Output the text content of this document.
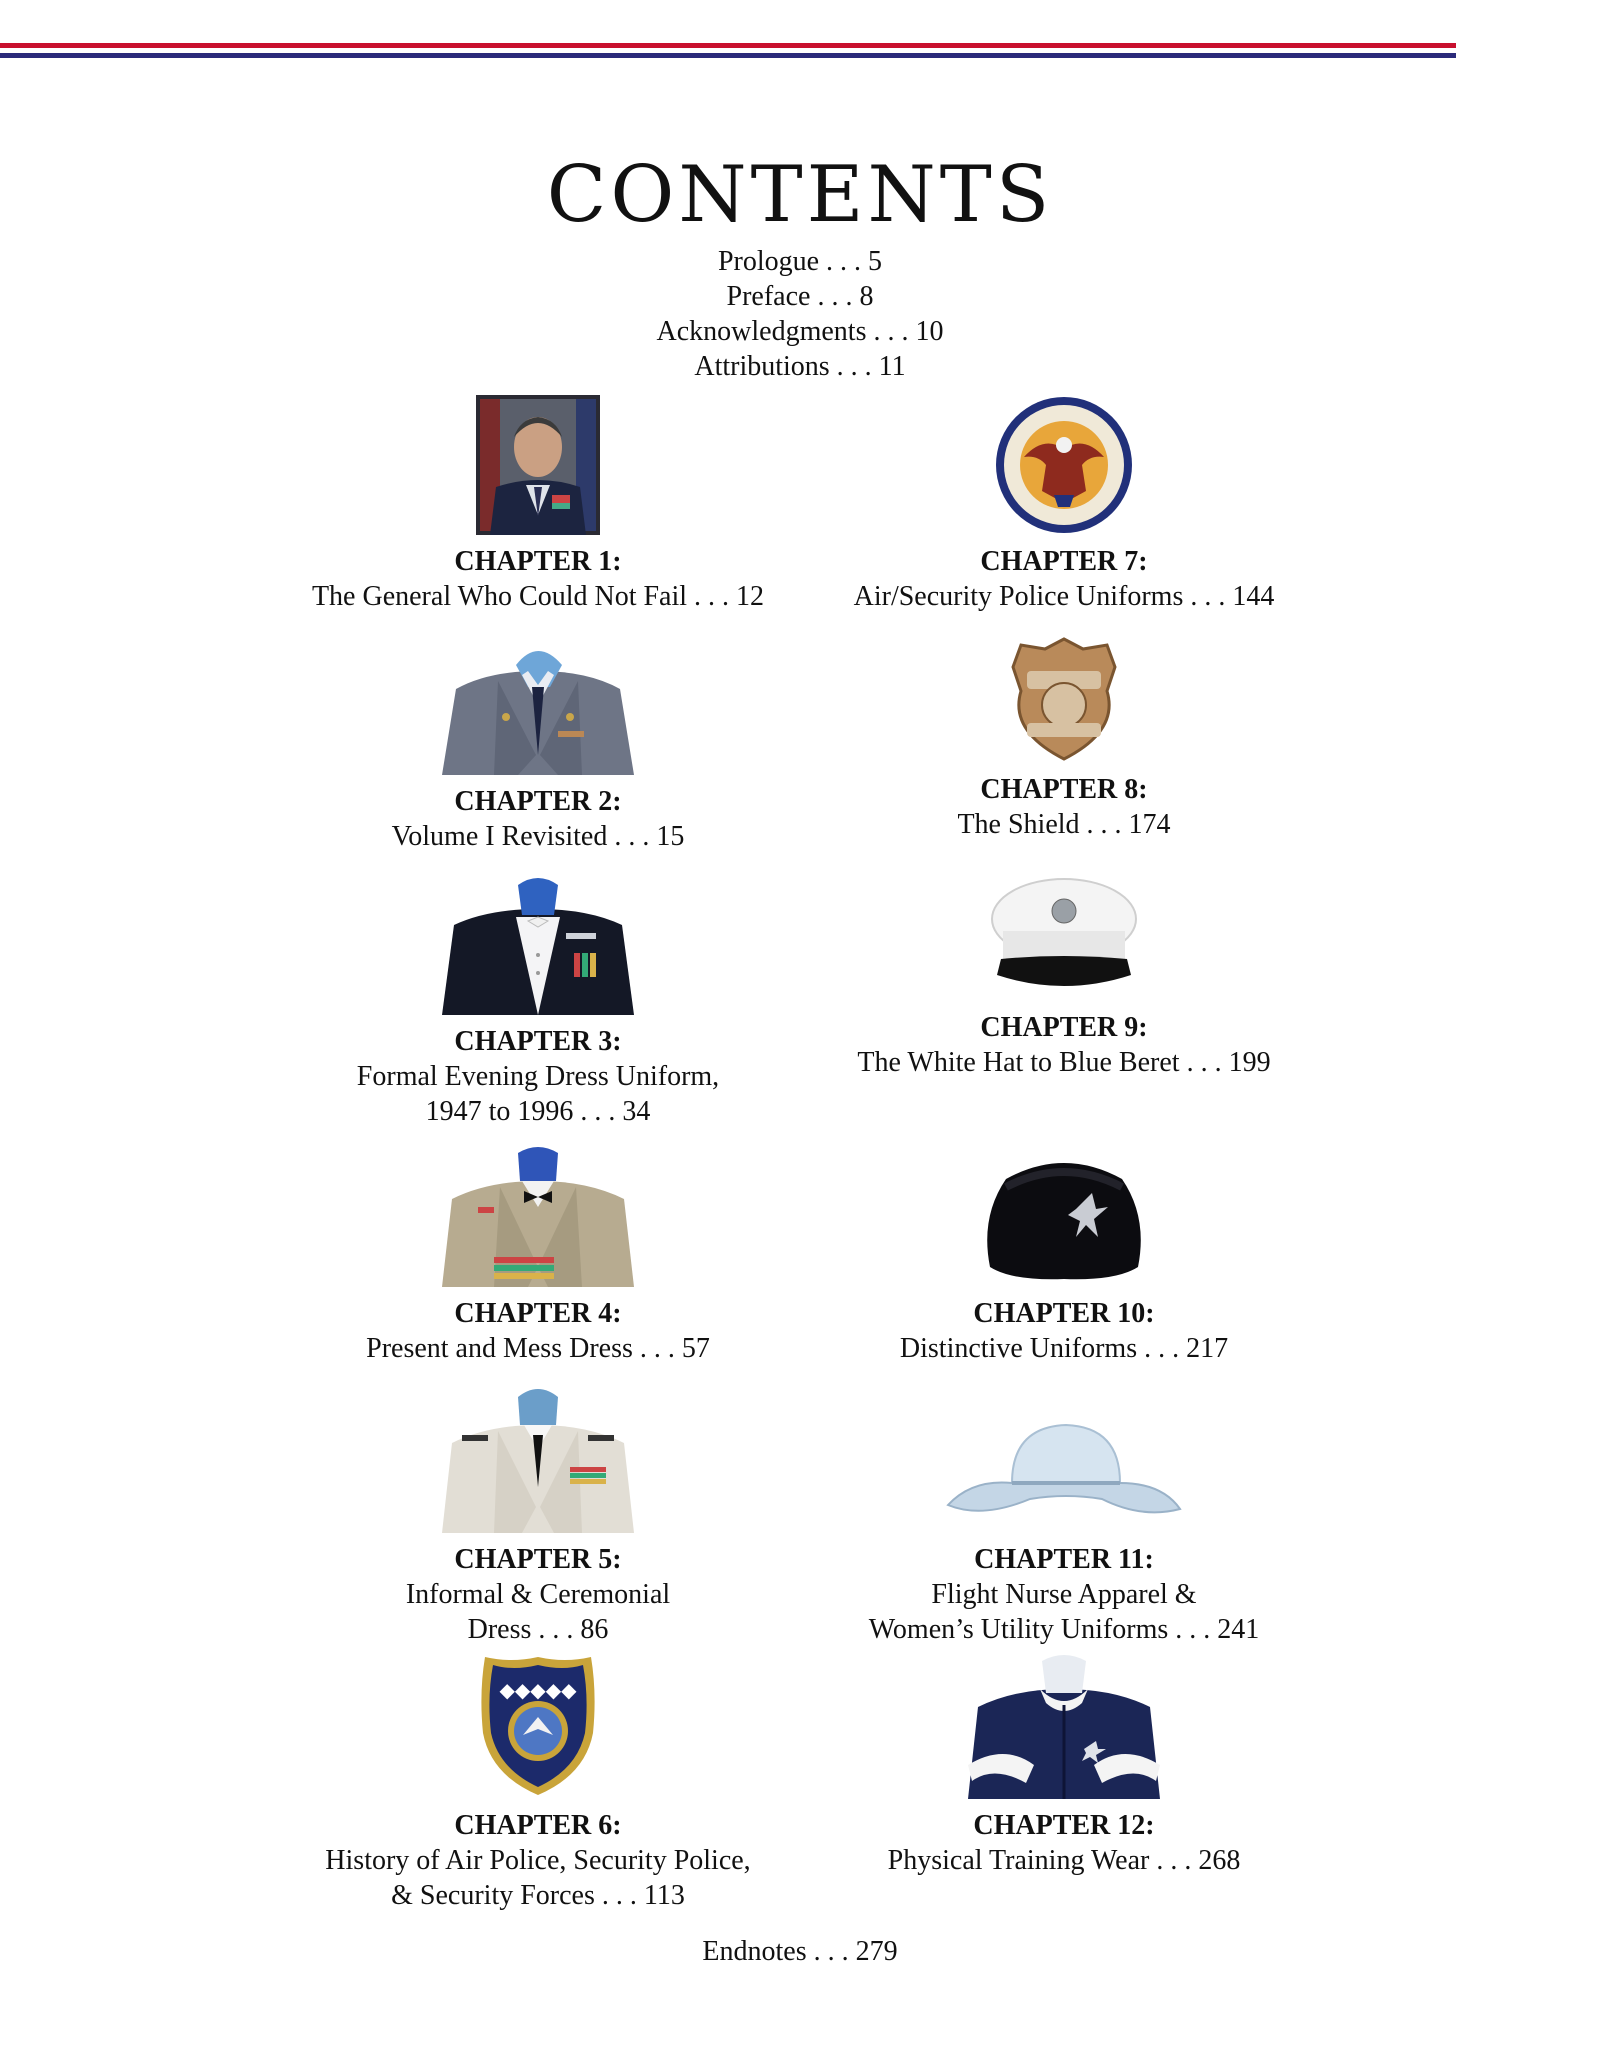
CONTENTS
Prologue . . . 5
Preface . . . 8
Acknowledgments . . . 10
Attributions . . . 11
CHAPTER 1:
The General Who Could Not Fail . . . 12
CHAPTER 2:
Volume I Revisited . . . 15
CHAPTER 3:
Formal Evening Dress Uniform,
1947 to 1996 . . . 34
CHAPTER 4:
Present and Mess Dress . . . 57
CHAPTER 5:
Informal & Ceremonial
Dress . . . 86
◆◆◆◆◆
CHAPTER 6:
History of Air Police, Security Police,
& Security Forces . . . 113
CHAPTER 7:
Air/Security Police Uniforms . . . 144
CHAPTER 8:
The Shield . . . 174
CHAPTER 9:
The White Hat to Blue Beret . . . 199
CHAPTER 10:
Distinctive Uniforms . . . 217
CHAPTER 11:
Flight Nurse Apparel &
Women’s Utility Uniforms . . . 241
CHAPTER 12:
Physical Training Wear . . . 268
Endnotes . . . 279
